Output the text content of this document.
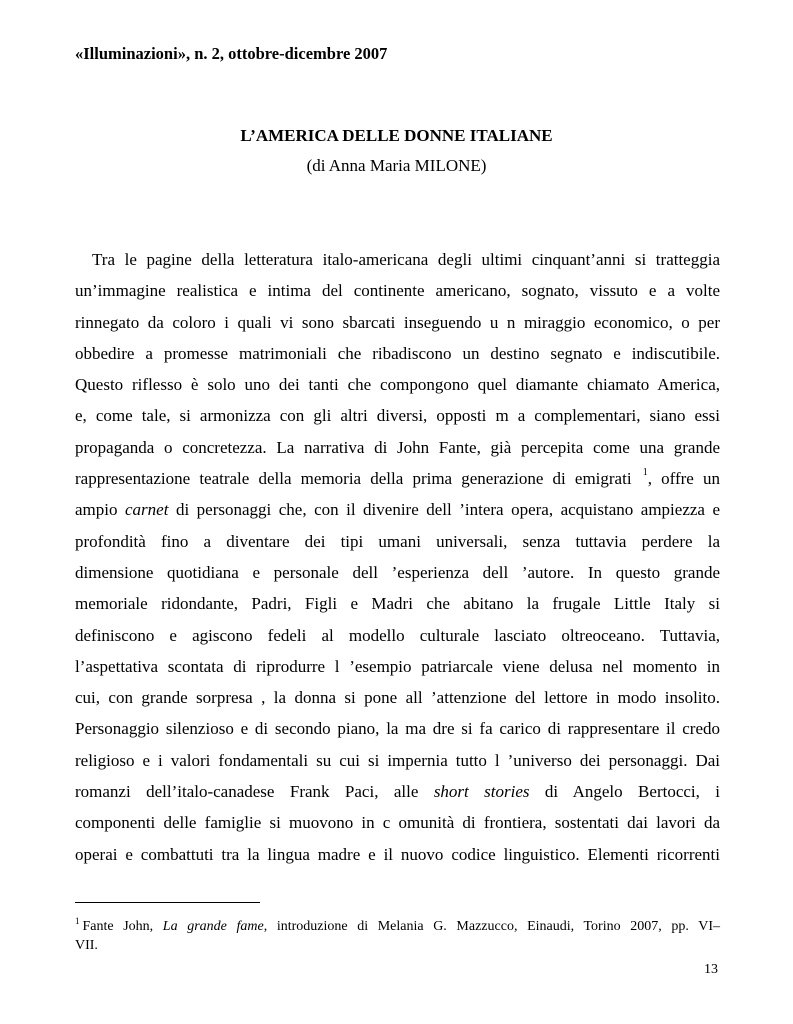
«Illuminazioni», n. 2, ottobre-dicembre 2007
L’AMERICA DELLE DONNE ITALIANE
(di Anna Maria MILONE)
Tra le pagine della letteratura italo-americana degli ultimi cinquant’anni si tratteggia
un’immagine realistica e intima del continente americano, sognato, vissuto e a volte
rinnegato da coloro i quali vi sono sbarcati inseguendo u n miraggio economico, o per
obbedire a promesse matrimoniali che ribadiscono un destino segnato e indiscutibile.
Questo riflesso è solo uno dei tanti che compongono quel diamante chiamato America,
e, come tale, si armonizza con gli altri diversi, opposti m a complementari, siano essi
propaganda o concretezza. La narrativa di John Fante, già percepita come una grande
rappresentazione teatrale della memoria della prima generazione di emigrati $^1$, offre un
ampio carnet di personaggi che, con il divenire dell ’intera opera, acquistano ampiezza e
profondità fino a diventare dei tipi umani universali, senza tuttavia perdere la
dimensione quotidiana e personale dell ’esperienza dell ’autore. In questo grande
memoriale ridondante, Padri, Figli e Madri che abitano la frugale Little Italy si
definiscono e agiscono fedeli al modello culturale lasciato oltreoceano. Tuttavia,
l’aspettativa scontata di riprodurre l ’esempio patriarcale viene delusa nel momento in
cui, con grande sorpresa , la donna si pone all ’attenzione del lettore in modo insolito.
Personaggio silenzioso e di secondo piano, la ma dre si fa carico di rappresentare il credo
religioso e i valori fondamentali su cui si impernia tutto l ’universo dei personaggi. Dai
romanzi dell’italo-canadese Frank Paci, alle short stories di Angelo Bertocci, i
componenti delle famiglie si muovono in c omunità di frontiera, sostentati dai lavori da
operai e combattuti tra la lingua madre e il nuovo codice linguistico. Elementi ricorrenti
$^1$ Fante John, La grande fame, introduzione di Melania G. Mazzucco, Einaudi, Torino 2007, pp. VI–
VII.
13
